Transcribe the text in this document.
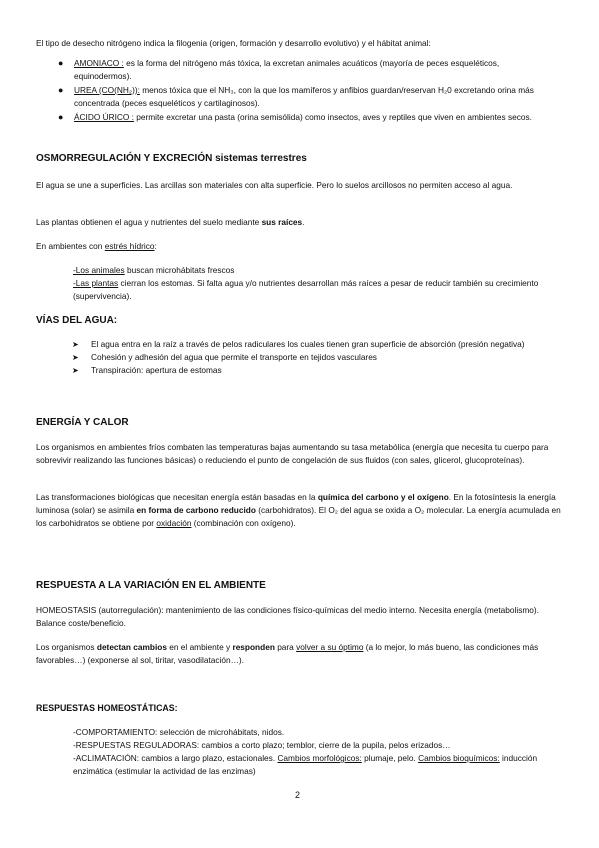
El tipo de desecho nitrógeno indica la filogenia (origen, formación y desarrollo evolutivo) y el hábitat animal:

● AMONIACO : es la forma del nitrógeno más tóxica, la excretan animales acuáticos (mayoría de peces esqueléticos, equinodermos).
● UREA (CO(NH₂)): menos tóxica que el NH₃, con la que los mamíferos y anfibios guardan/reservan H₂0 excretando orina más concentrada (peces esqueléticos y cartilaginosos).
● ÁCIDO ÚRICO : permite excretar una pasta (orina semisólida) como insectos, aves y reptiles que viven en ambientes secos.
OSMORREGULACIÓN Y EXCRECIÓN sistemas terrestres

El agua se une a superficies. Las arcillas son materiales con alta superficie. Pero lo suelos arcillosos no permiten acceso al agua.

Las plantas obtienen el agua y nutrientes del suelo mediante sus raíces.

En ambientes con estrés hídrico:

-Los animales buscan microhábitats frescos

-Las plantas cierran los estomas. Si falta agua y/o nutrientes desarrollan más raíces a pesar de reducir también su crecimiento (supervivencia).

VÍAS DEL AGUA:
➤ El agua entra en la raíz a través de pelos radiculares los cuales tienen gran superficie de absorción (presión negativa)
➤ Cohesión y adhesión del agua que permite el transporte en tejidos vasculares
➤ Transpiración: apertura de estomas
ENERGÍA Y CALOR

Los organismos en ambientes fríos combaten las temperaturas bajas aumentando su tasa metabólica (energía que necesita tu cuerpo para sobrevivir realizando las funciones básicas) o reduciendo el punto de congelación de sus fluidos (con sales, glicerol, glucoproteínas).

Las transformaciones biológicas que necesitan energía están basadas en la química del carbono y el oxígeno. En la fotosíntesis la energía luminosa (solar) se asimila en forma de carbono reducido (carbohidratos). El O₂ del agua se oxida a O₂ molecular. La energía acumulada en los carbohidratos se obtiene por oxidación (combinación con oxígeno).

RESPUESTA A LA VARIACIÓN EN EL AMBIENTE

HOMEOSTASIS (autorregulación): mantenimiento de las condiciones físico-químicas del medio interno. Necesita energía (metabolismo). Balance coste/beneficio.

Los organismos detectan cambios en el ambiente y responden para volver a su óptimo (a lo mejor, lo más bueno, las condiciones más favorables…) (exponerse al sol, tiritar, vasodilatación…).

RESPUESTAS HOMEOSTÁTICAS:

-COMPORTAMIENTO: selección de microhábitats, nidos.

-RESPUESTAS REGULADORAS: cambios a corto plazo; temblor, cierre de la pupila, pelos erizados…

-ACLIMATACIÓN: cambios a largo plazo, estacionales. Cambios morfológicos: plumaje, pelo. Cambios bioquímicos: inducción enzimática (estimular la actividad de las enzimas)

2
